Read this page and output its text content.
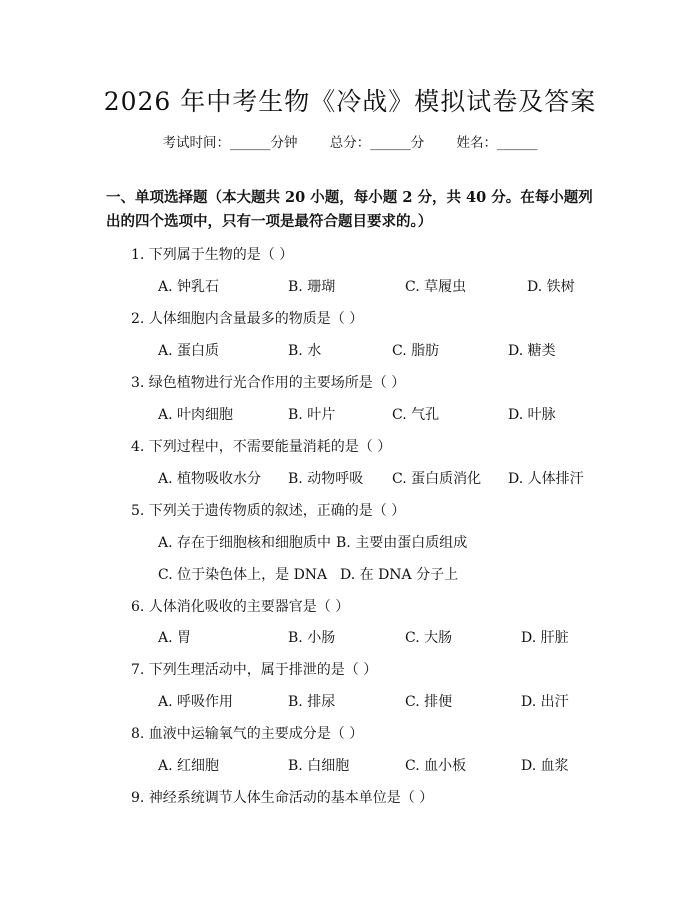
2026 年中考生物《冷战》模拟试卷及答案
考试时间：______分钟 总分：______分 姓名：______

一、单项选择题（本大题共 20 小题，每小题 2 分，共 40 分。在每小题列出的四个选项中，只有一项是最符合题目要求的。）

1. 下列属于生物的是（ ）
A. 钟乳石	B. 珊瑚	C. 草履虫	D. 铁树
2. 人体细胞内含量最多的物质是（ ）
A. 蛋白质	B. 水	C. 脂肪	D. 糖类
3. 绿色植物进行光合作用的主要场所是（ ）
A. 叶肉细胞	B. 叶片	C. 气孔	D. 叶脉
4. 下列过程中，不需要能量消耗的是（ ）
A. 植物吸收水分 B. 动物呼吸 C. 蛋白质消化 D. 人体排汗
5. 下列关于遗传物质的叙述，正确的是（ ）
A. 存在于细胞核和细胞质中 B. 主要由蛋白质组成
C. 位于染色体上，是 DNA D. 在 DNA 分子上
6. 人体消化吸收的主要器官是（ ）
A. 胃	B. 小肠	C. 大肠	D. 肝脏
7. 下列生理活动中，属于排泄的是（ ）
A. 呼吸作用	B. 排尿	C. 排便	D. 出汗
8. 血液中运输氧气的主要成分是（ ）
A. 红细胞	B. 白细胞	C. 血小板	D. 血浆
9. 神经系统调节人体生命活动的基本单位是（ ）
